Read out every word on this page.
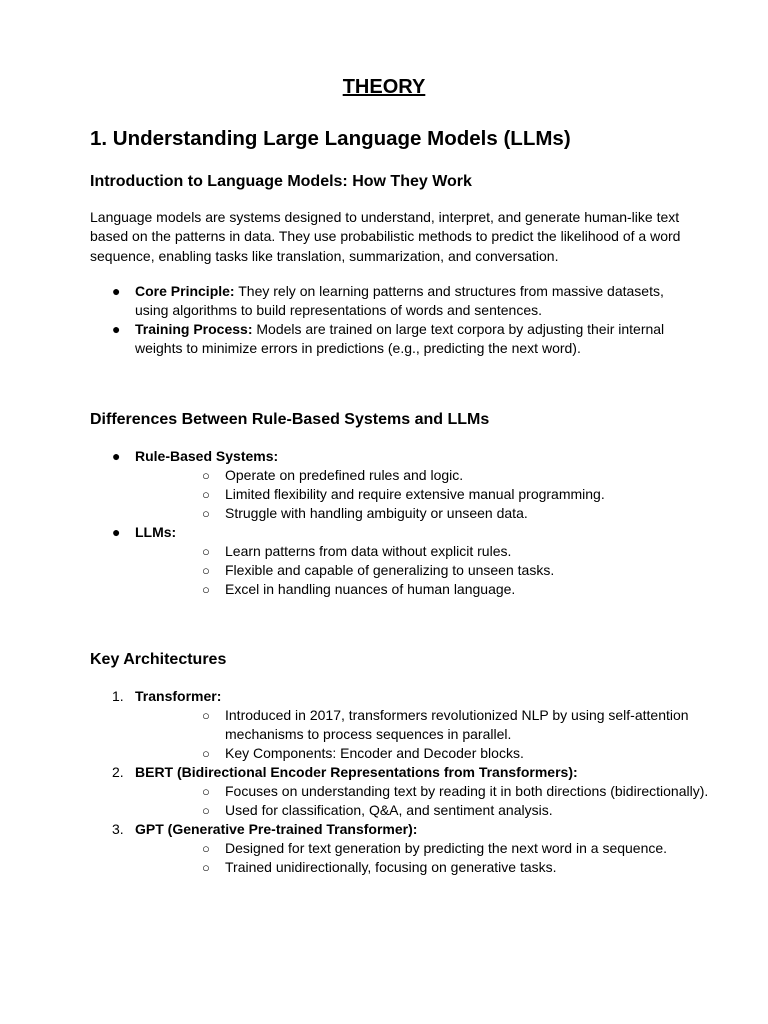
THEORY
1. Understanding Large Language Models (LLMs)
Introduction to Language Models: How They Work

Language models are systems designed to understand, interpret, and generate human-like text based on the patterns in data. They use probabilistic methods to predict the likelihood of a word sequence, enabling tasks like translation, summarization, and conversation.

● Core Principle: They rely on learning patterns and structures from massive datasets, using algorithms to build representations of words and sentences.
● Training Process: Models are trained on large text corpora by adjusting their internal weights to minimize errors in predictions (e.g., predicting the next word).
Differences Between Rule-Based Systems and LLMs
● Rule-Based Systems:
○ Operate on predefined rules and logic.
○ Limited flexibility and require extensive manual programming.
○ Struggle with handling ambiguity or unseen data.
● LLMs:
○ Learn patterns from data without explicit rules.
○ Flexible and capable of generalizing to unseen tasks.
○ Excel in handling nuances of human language.
Key Architectures
1. Transformer:
○ Introduced in 2017, transformers revolutionized NLP by using self-attention mechanisms to process sequences in parallel.
○ Key Components: Encoder and Decoder blocks.
2. BERT (Bidirectional Encoder Representations from Transformers):
○ Focuses on understanding text by reading it in both directions (bidirectionally).
○ Used for classification, Q&A, and sentiment analysis.
3. GPT (Generative Pre-trained Transformer):
○ Designed for text generation by predicting the next word in a sequence.
○ Trained unidirectionally, focusing on generative tasks.
